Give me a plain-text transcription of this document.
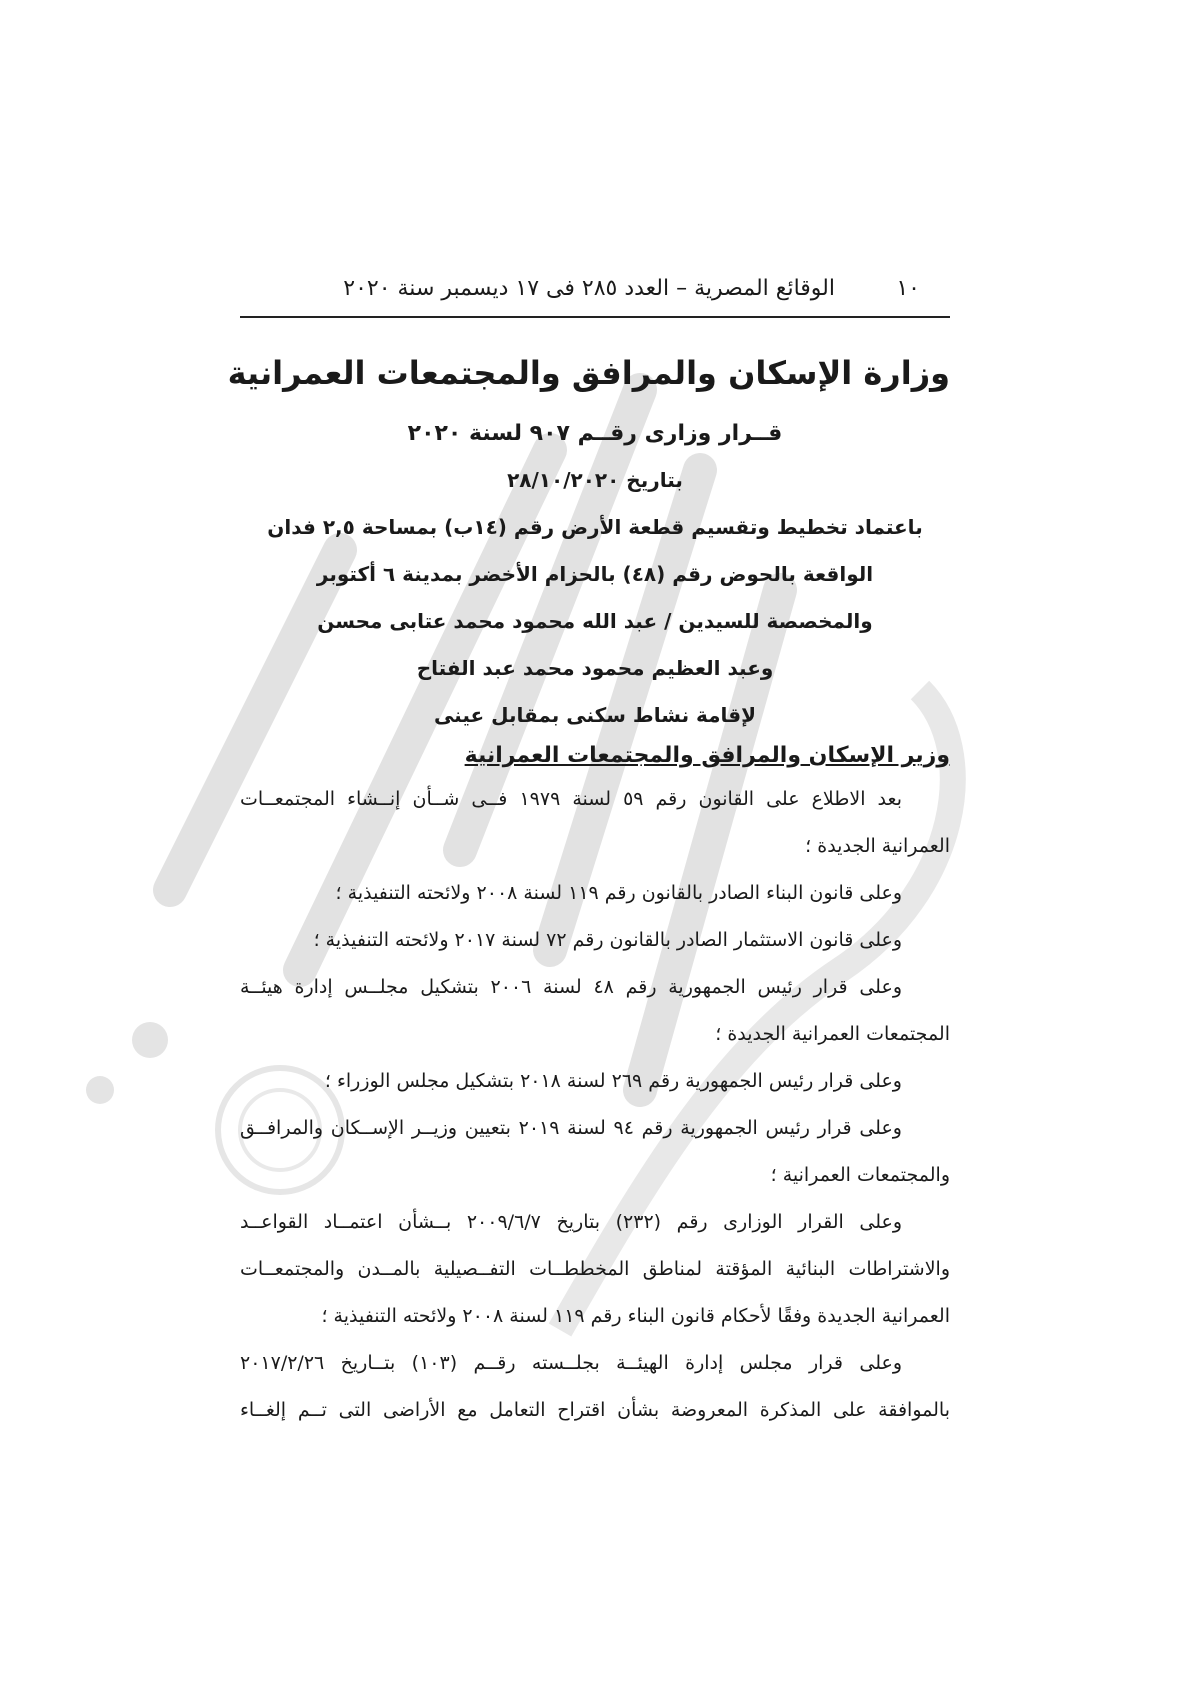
١٠
الوقائع المصرية – العدد ٢٨٥ فى ١٧ ديسمبر سنة ٢٠٢٠
وزارة الإسكان والمرافق والمجتمعات العمرانية
قــرار وزارى رقــم ٩٠٧ لسنة ٢٠٢٠
بتاريخ ٢٨/١٠/٢٠٢٠
باعتماد تخطيط وتقسيم قطعة الأرض رقم (١٤ب) بمساحة ٢,٥ فدان
الواقعة بالحوض رقم (٤٨) بالحزام الأخضر بمدينة ٦ أكتوبر
والمخصصة للسيدين / عبد الله محمود محمد عتابى محسن
وعبد العظيم محمود محمد عبد الفتاح
لإقامة نشاط سكنى بمقابل عينى
وزير الإسكان والمرافق والمجتمعات العمرانية
بعد الاطلاع على القانون رقم ٥٩ لسنة ١٩٧٩ فــى شــأن إنــشاء المجتمعــات
العمرانية الجديدة ؛
وعلى قانون البناء الصادر بالقانون رقم ١١٩ لسنة ٢٠٠٨ ولائحته التنفيذية ؛
وعلى قانون الاستثمار الصادر بالقانون رقم ٧٢ لسنة ٢٠١٧ ولائحته التنفيذية ؛
وعلى قرار رئيس الجمهورية رقم ٤٨ لسنة ٢٠٠٦ بتشكيل مجلــس إدارة هيئــة
المجتمعات العمرانية الجديدة ؛
وعلى قرار رئيس الجمهورية رقم ٢٦٩ لسنة ٢٠١٨ بتشكيل مجلس الوزراء ؛
وعلى قرار رئيس الجمهورية رقم ٩٤ لسنة ٢٠١٩ بتعيين وزيــر الإســكان والمرافــق
والمجتمعات العمرانية ؛
وعلى القرار الوزارى رقم (٢٣٢) بتاريخ ٢٠٠٩/٦/٧ بــشأن اعتمــاد القواعــد
والاشتراطات البنائية المؤقتة لمناطق المخططــات التفــصيلية بالمــدن والمجتمعــات
العمرانية الجديدة وفقًا لأحكام قانون البناء رقم ١١٩ لسنة ٢٠٠٨ ولائحته التنفيذية ؛
وعلى قرار مجلس إدارة الهيئــة بجلــسته رقــم (١٠٣) بتــاريخ ٢٠١٧/٢/٢٦
بالموافقة على المذكرة المعروضة بشأن اقتراح التعامل مع الأراضى التى تــم إلغــاء
